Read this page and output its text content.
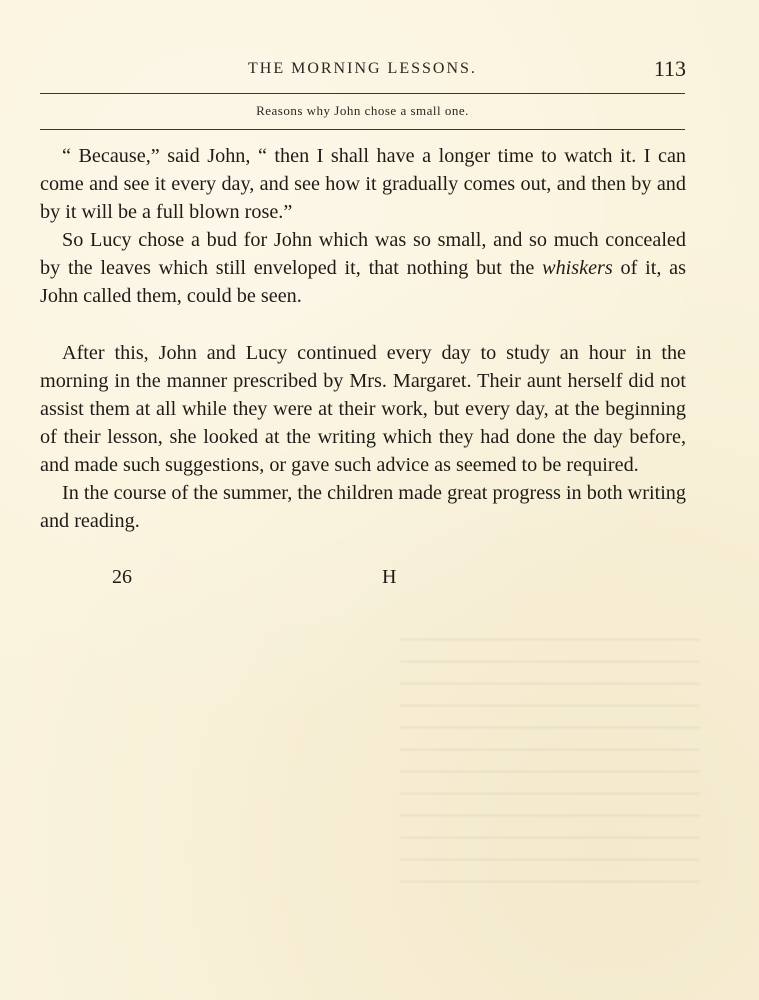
THE MORNING LESSONS.	113
Reasons why John chose a small one.

“ Because,” said John, “ then I shall have a longer time to watch it. I can come and see it every day, and see how it gradually comes out, and then by and by it will be a full blown rose.”

So Lucy chose a bud for John which was so small, and so much concealed by the leaves which still enveloped it, that nothing but the whiskers of it, as John called them, could be seen.

After this, John and Lucy continued every day to study an hour in the morning in the manner prescribed by Mrs. Margaret. Their aunt herself did not assist them at all while they were at their work, but every day, at the beginning of their lesson, she looked at the writing which they had done the day before, and made such suggestions, or gave such advice as seemed to be required.

In the course of the summer, the children made great progress in both writing and reading.

26	H
